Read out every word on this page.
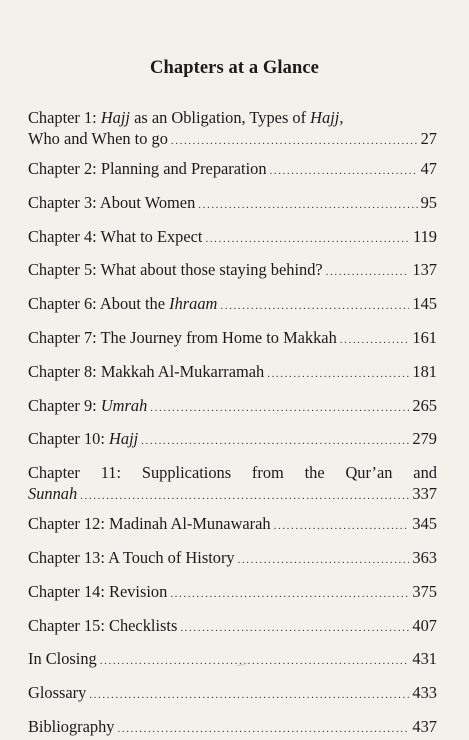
Chapters at a Glance
Chapter 1: Hajj as an Obligation, Types of Hajj,
Who and When to go .....	27
Chapter 2: Planning and Preparation .....	47
Chapter 3: About Women .....	95
Chapter 4: What to Expect .....	119
Chapter 5: What about those staying behind? .....	137
Chapter 6: About the Ihraam .....	145
Chapter 7: The Journey from Home to Makkah .....	161
Chapter 8: Makkah Al-Mukarramah .....	181
Chapter 9: Umrah .....	265
Chapter 10: Hajj .....	279
Chapter 11: Supplications from the Qur’an and
Sunnah .....	337
Chapter 12: Madinah Al-Munawarah .....	345
Chapter 13: A Touch of History .....	363
Chapter 14: Revision .....	375
Chapter 15: Checklists .....	407
In Closing .....	431
Glossary .....	433
Bibliography .....	437
